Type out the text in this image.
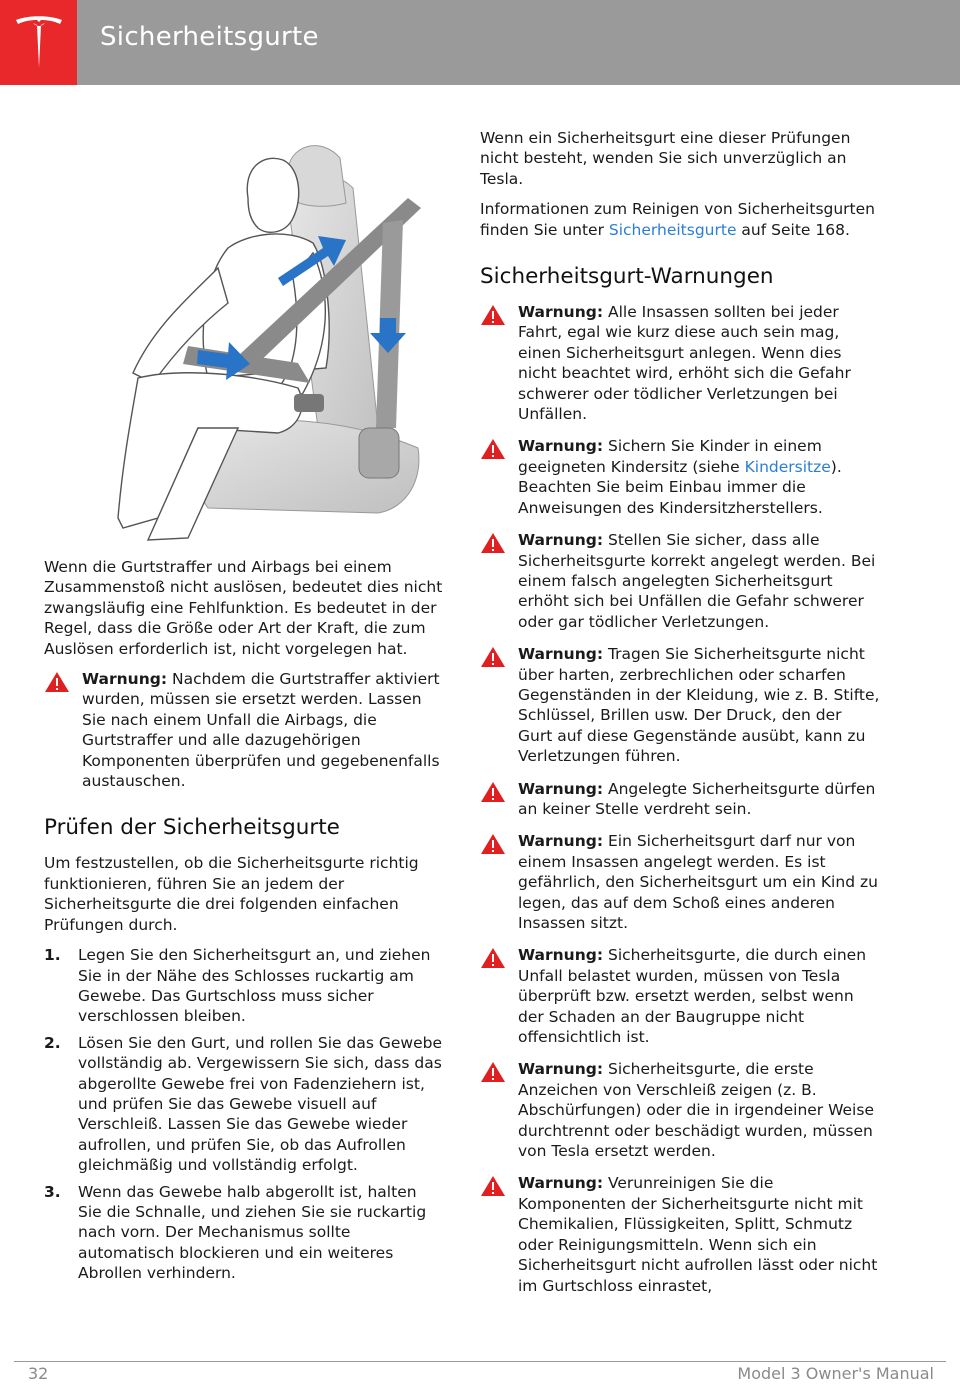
Sicherheitsgurte

Wenn die Gurtstraffer und Airbags bei einem Zusammenstoß nicht auslösen, bedeutet dies nicht zwangsläufig eine Fehlfunktion. Es bedeutet in der Regel, dass die Größe oder Art der Kraft, die zum Auslösen erforderlich ist, nicht vorgelegen hat.

Warnung: Nachdem die Gurtstraffer aktiviert wurden, müssen sie ersetzt werden. Lassen Sie nach einem Unfall die Airbags, die Gurtstraffer und alle dazugehörigen Komponenten überprüfen und gegebenenfalls austauschen.
Prüfen der Sicherheitsgurte

Um festzustellen, ob die Sicherheitsgurte richtig funktionieren, führen Sie an jedem der Sicherheitsgurte die drei folgenden einfachen Prüfungen durch.

1. Legen Sie den Sicherheitsgurt an, und ziehen Sie in der Nähe des Schlosses ruckartig am Gewebe. Das Gurtschloss muss sicher verschlossen bleiben.
2. Lösen Sie den Gurt, und rollen Sie das Gewebe vollständig ab. Vergewissern Sie sich, dass das abgerollte Gewebe frei von Fadenziehern ist, und prüfen Sie das Gewebe visuell auf Verschleiß. Lassen Sie das Gewebe wieder aufrollen, und prüfen Sie, ob das Aufrollen gleichmäßig und vollständig erfolgt.
3. Wenn das Gewebe halb abgerollt ist, halten Sie die Schnalle, und ziehen Sie sie ruckartig nach vorn. Der Mechanismus sollte automatisch blockieren und ein weiteres Abrollen verhindern.

Wenn ein Sicherheitsgurt eine dieser Prüfungen nicht besteht, wenden Sie sich unverzüglich an Tesla.

Informationen zum Reinigen von Sicherheitsgurten finden Sie unter Sicherheitsgurte auf Seite 168.

Sicherheitsgurt-Warnungen
Warnung: Alle Insassen sollten bei jeder Fahrt, egal wie kurz diese auch sein mag, einen Sicherheitsgurt anlegen. Wenn dies nicht beachtet wird, erhöht sich die Gefahr schwerer oder tödlicher Verletzungen bei Unfällen.
Warnung: Sichern Sie Kinder in einem geeigneten Kindersitz (siehe Kindersitze). Beachten Sie beim Einbau immer die Anweisungen des Kindersitzherstellers.
Warnung: Stellen Sie sicher, dass alle Sicherheitsgurte korrekt angelegt werden. Bei einem falsch angelegten Sicherheitsgurt erhöht sich bei Unfällen die Gefahr schwerer oder gar tödlicher Verletzungen.
Warnung: Tragen Sie Sicherheitsgurte nicht über harten, zerbrechlichen oder scharfen Gegenständen in der Kleidung, wie z. B. Stifte, Schlüssel, Brillen usw. Der Druck, den der Gurt auf diese Gegenstände ausübt, kann zu Verletzungen führen.
Warnung: Angelegte Sicherheitsgurte dürfen an keiner Stelle verdreht sein.
Warnung: Ein Sicherheitsgurt darf nur von einem Insassen angelegt werden. Es ist gefährlich, den Sicherheitsgurt um ein Kind zu legen, das auf dem Schoß eines anderen Insassen sitzt.
Warnung: Sicherheitsgurte, die durch einen Unfall belastet wurden, müssen von Tesla überprüft bzw. ersetzt werden, selbst wenn der Schaden an der Baugruppe nicht offensichtlich ist.
Warnung: Sicherheitsgurte, die erste Anzeichen von Verschleiß zeigen (z. B. Abschürfungen) oder die in irgendeiner Weise durchtrennt oder beschädigt wurden, müssen von Tesla ersetzt werden.
Warnung: Verunreinigen Sie die Komponenten der Sicherheitsgurte nicht mit Chemikalien, Flüssigkeiten, Splitt, Schmutz oder Reinigungsmitteln. Wenn sich ein Sicherheitsgurt nicht aufrollen lässt oder nicht im Gurtschloss einrastet,
32	Model 3 Owner's Manual
